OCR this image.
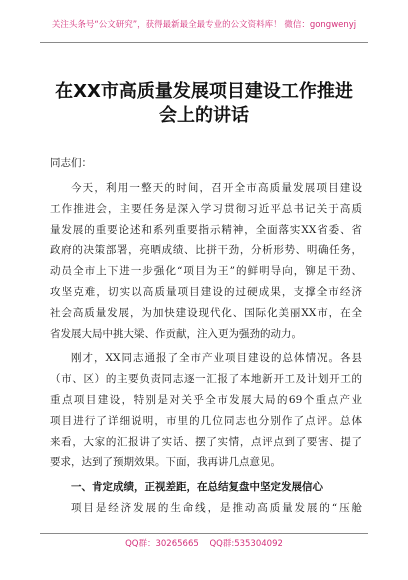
关注头条号“公文研究”，获得最新最全最专业的公文资料库！ 微信：gongwenyj
在XX市高质量发展项目建设工作推进
会上的讲话
同志们：
今天，利用一整天的时间，召开全市高质量发展项目建设
工作推进会，主要任务是深入学习贯彻习近平总书记关于高质
量发展的重要论述和系列重要指示精神，全面落实XX省委、省
政府的决策部署，亮晒成绩、比拼干劲，分析形势、明确任务，
动员全市上下进一步强化“项目为王”的鲜明导向，铆足干劲、
攻坚克难，切实以高质量项目建设的过硬成果，支撑全市经济
社会高质量发展，为加快建设现代化、国际化美丽XX市，在全
省发展大局中挑大梁、作贡献，注入更为强劲的动力。
刚才，XX同志通报了全市产业项目建设的总体情况。各县
（市、区）的主要负责同志逐一汇报了本地新开工及计划开工的
重点项目建设，特别是对关乎全市发展大局的69个重点产业
项目进行了详细说明，市里的几位同志也分别作了点评。总体
来看，大家的汇报讲了实话、摆了实情，点评点到了要害、提了
要求，达到了预期效果。下面，我再讲几点意见。
一、肯定成绩，正视差距，在总结复盘中坚定发展信心
项目是经济发展的生命线，是推动高质量发展的“压舱
QQ群：30265665 QQ群:535304092
